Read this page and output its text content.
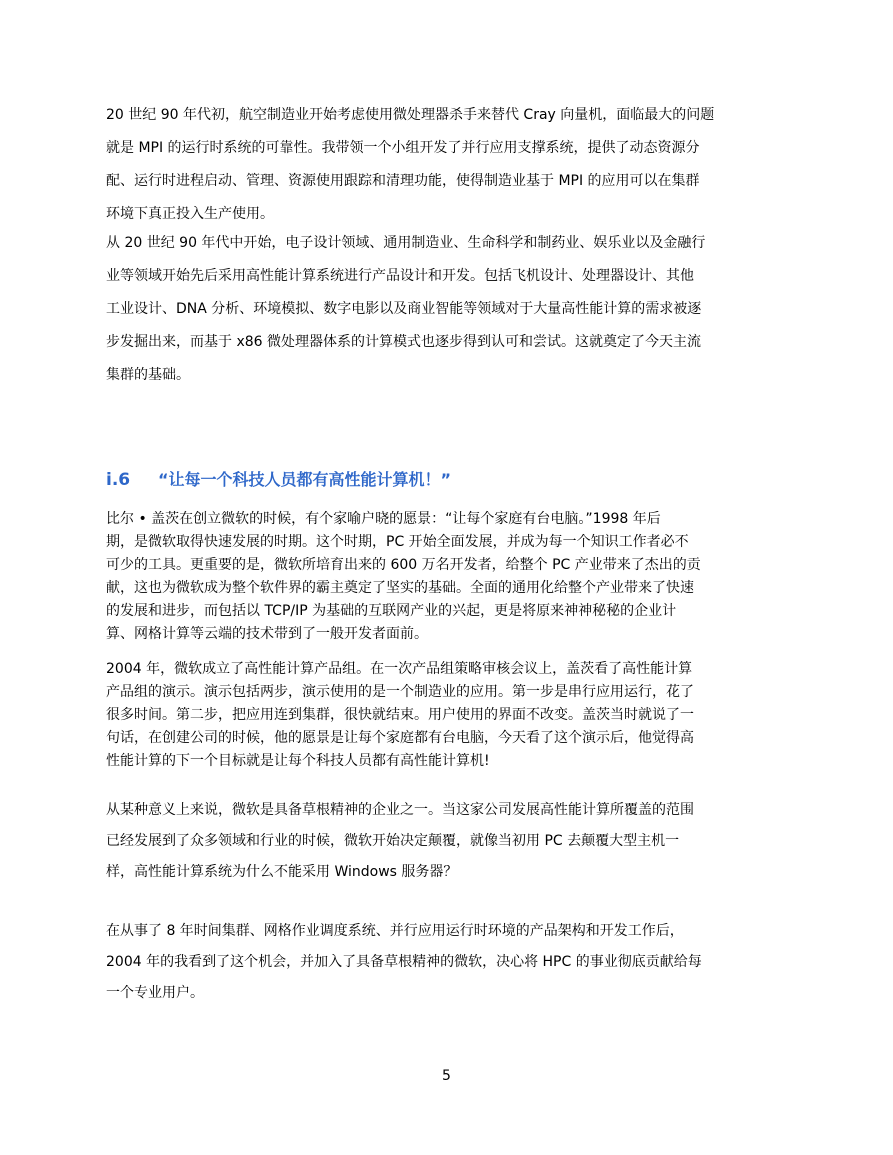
20 世纪 90 年代初，航空制造业开始考虑使用微处理器杀手来替代 Cray 向量机，面临最大的问题
就是 MPI 的运行时系统的可靠性。我带领一个小组开发了并行应用支撑系统，提供了动态资源分
配、运行时进程启动、管理、资源使用跟踪和清理功能，使得制造业基于 MPI 的应用可以在集群
环境下真正投入生产使用。
从 20 世纪 90 年代中开始，电子设计领域、通用制造业、生命科学和制药业、娱乐业以及金融行
业等领域开始先后采用高性能计算系统进行产品设计和开发。包括飞机设计、处理器设计、其他
工业设计、DNA 分析、环境模拟、数字电影以及商业智能等领域对于大量高性能计算的需求被逐
步发掘出来，而基于 x86 微处理器体系的计算模式也逐步得到认可和尝试。这就奠定了今天主流
集群的基础。
i.6 “让每一个科技人员都有高性能计算机！”
比尔 • 盖茨在创立微软的时候，有个家喻户晓的愿景：“让每个家庭有台电脑。”1998 年后
期，是微软取得快速发展的时期。这个时期，PC 开始全面发展，并成为每一个知识工作者必不
可少的工具。更重要的是，微软所培育出来的 600 万名开发者，给整个 PC 产业带来了杰出的贡
献，这也为微软成为整个软件界的霸主奠定了坚实的基础。全面的通用化给整个产业带来了快速
的发展和进步，而包括以 TCP/IP 为基础的互联网产业的兴起，更是将原来神神秘秘的企业计
算、网格计算等云端的技术带到了一般开发者面前。
2004 年，微软成立了高性能计算产品组。在一次产品组策略审核会议上，盖茨看了高性能计算
产品组的演示。演示包括两步，演示使用的是一个制造业的应用。第一步是串行应用运行，花了
很多时间。第二步，把应用连到集群，很快就结束。用户使用的界面不改变。盖茨当时就说了一
句话，在创建公司的时候，他的愿景是让每个家庭都有台电脑，今天看了这个演示后，他觉得高
性能计算的下一个目标就是让每个科技人员都有高性能计算机!
从某种意义上来说，微软是具备草根精神的企业之一。当这家公司发展高性能计算所覆盖的范围
已经发展到了众多领域和行业的时候，微软开始决定颠覆，就像当初用 PC 去颠覆大型主机一
样，高性能计算系统为什么不能采用 Windows 服务器？
在从事了 8 年时间集群、网格作业调度系统、并行应用运行时环境的产品架构和开发工作后，
2004 年的我看到了这个机会，并加入了具备草根精神的微软，决心将 HPC 的事业彻底贡献给每
一个专业用户。
5
